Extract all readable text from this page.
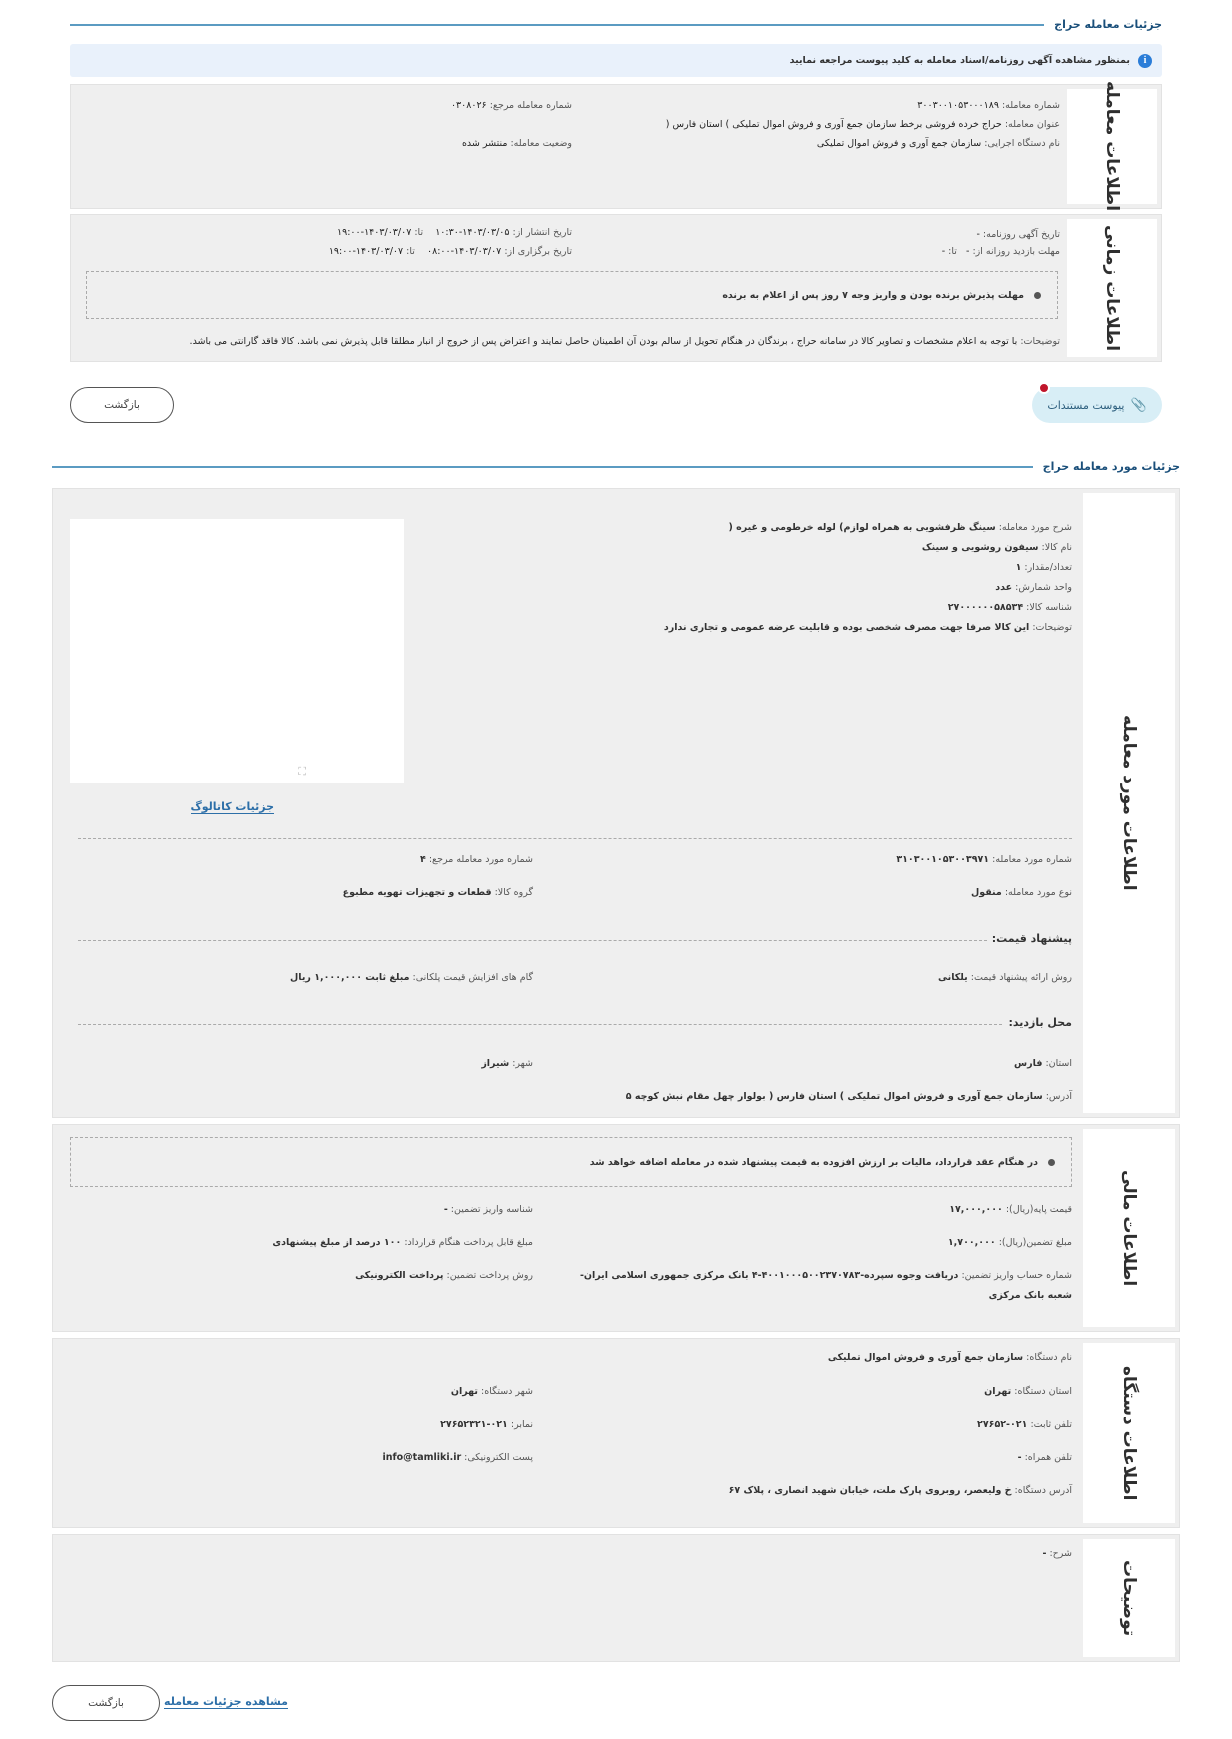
جزئیات معامله حراج
i
بمنظور مشاهده آگهی روزنامه/اسناد معامله به کلید پیوست مراجعه نمایید
اطلاعات معامله
شماره معامله: ۳۰۰۳۰۰۱۰۵۳۰۰۰۱۸۹
عنوان معامله: حراج خرده فروشی برخط سازمان جمع آوری و فروش اموال تملیکی ) استان فارس (
نام دستگاه اجرایی: سازمان جمع آوری و فروش اموال تملیکی
شماره معامله مرجع: ۰۳۰۸۰۲۶
وضعیت معامله: منتشر شده
اطلاعات زمانی
تاریخ آگهی روزنامه: -
مهلت بازدید روزانه از: -   تا: -
تاریخ انتشار از: ۱۴۰۳/۰۳/۰۵-۱۰:۳۰    تا: ۱۴۰۳/۰۳/۰۷-۱۹:۰۰
تاریخ برگزاری از: ۱۴۰۳/۰۳/۰۷-۰۸:۰۰    تا: ۱۴۰۳/۰۳/۰۷-۱۹:۰۰
مهلت پذیرش برنده بودن و واریز وجه ۷ روز پس از اعلام به برنده
توضیحات: با توجه به اعلام مشخصات و تصاویر کالا در سامانه حراج ، برندگان در هنگام تحویل از سالم بودن آن اطمینان حاصل نمایند و اعتراض پس از خروج از انبار مطلقا قابل پذیرش نمی باشد. کالا فاقد گارانتی می باشد.
📎
پیوست مستندات
بازگشت
جزئیات مورد معامله حراج
اطلاعات مورد معامله
شرح مورد معامله: سینگ ظرفشویی به همراه لوازم) لوله خرطومی و غیره (
نام کالا: سیفون روشویی و سینک
تعداد/مقدار: ۱
واحد شمارش: عدد
شناسه کالا: ۲۷۰۰۰۰۰۰۵۸۵۳۴
توضیحات: این کالا صرفا جهت مصرف شخصی بوده و قابلیت عرضه عمومی و تجاری ندارد
⛶
جزئیات کاتالوگ
شماره مورد معامله: ۳۱۰۳۰۰۱۰۵۳۰۰۳۹۷۱
شماره مورد معامله مرجع: ۴
نوع مورد معامله: منقول
گروه کالا: قطعات و تجهیزات تهویه مطبوع
پیشنهاد قیمت:
روش ارائه پیشنهاد قیمت: یلکانی
گام های افزایش قیمت پلکانی: مبلغ ثابت ۱,۰۰۰,۰۰۰ ریال
محل بازدید:
استان: فارس
شهر: شیراز
آدرس: سازمان جمع آوری و فروش اموال تملیکی ) استان فارس ( بولوار چهل مقام نبش کوچه ۵
اطلاعات مالی
در هنگام عقد قرارداد، مالیات بر ارزش افزوده به قیمت پیشنهاد شده در معامله اضافه خواهد شد
قیمت پایه(ریال): ۱۷,۰۰۰,۰۰۰
شناسه واریز تضمین: -
مبلغ تضمین(ریال): ۱,۷۰۰,۰۰۰
مبلغ قابل پرداخت هنگام قرارداد: ۱۰۰ درصد از مبلغ پیشنهادی
شماره حساب واریز تضمین: دریافت وجوه سپرده-۴۰۰۱۰۰۰۵۰۰۲۳۷۰۷۸۳-۴ بانک مرکزی جمهوری اسلامی ایران-
شعبه بانک مرکزی
روش پرداخت تضمین: پرداخت الکترونیکی
اطلاعات دستگاه
نام دستگاه: سازمان جمع آوری و فروش اموال تملیکی
استان دستگاه: تهران
شهر دستگاه: تهران
تلفن ثابت: ۰۲۱-۲۷۶۵۲
نمابر: ۰۲۱-۲۷۶۵۲۳۲۱
تلفن همراه: -
پست الکترونیکی: info@tamliki.ir
آدرس دستگاه: خ ولیعصر، روبروی پارک ملت، خیابان شهید انصاری ، پلاک ۶۷
توضیحات
شرح: -
مشاهده جزئیات معامله
بازگشت
